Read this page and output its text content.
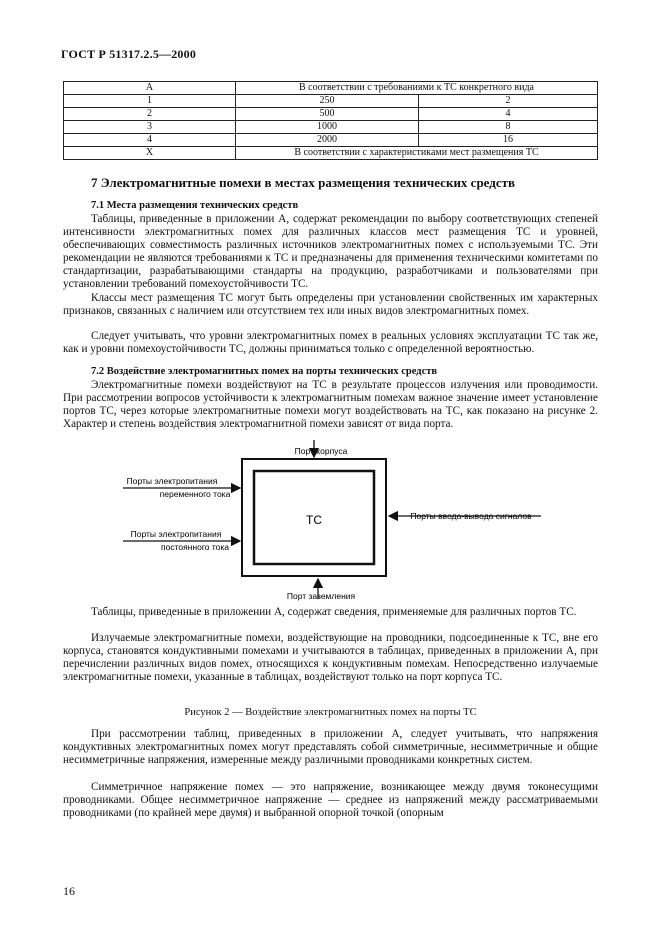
ГОСТ Р 51317.2.5—2000
А	В соответствии с требованиями к ТС конкретного вида	
1	250	2
2	500	4
3	1000	8
4	2000	16
Х	В соответствии с характеристиками мест размещения ТС	
7 Электромагнитные помехи в местах размещения технических средств
7.1 Места размещения технических средств

Таблицы, приведенные в приложении А, содержат рекомендации по выбору соответствующих степеней интенсивности электромагнитных помех для различных классов мест размещения ТС и уровней, обеспечивающих совместимость различных источников электромагнитных помех с используемыми ТС. Эти рекомендации не являются требованиями к ТС и предназначены для применения техническими комитетами по стандартизации, разрабатывающими стандарты на продукцию, разработчиками и пользователями при установлении требований помехоустойчивости ТС.

Классы мест размещения ТС могут быть определены при установлении свойственных им характерных признаков, связанных с наличием или отсутствием тех или иных видов электромагнитных помех.

Следует учитывать, что уровни электромагнитных помех в реальных условиях эксплуатации ТС так же, как и уровни помехоустойчивости ТС, должны приниматься только с определенной вероятностью.

7.2 Воздействие электромагнитных помех на порты технических средств

Электромагнитные помехи воздействуют на ТС в результате процессов излучения или проводимости. При рассмотрении вопросов устойчивости к электромагнитным помехам важное значение имеет установление портов ТС, через которые электромагнитные помехи могут воздействовать на ТС, как показано на рисунке 2. Характер и степень воздействия электромагнитной помехи зависят от вида порта.

ТС
Порт корпуса
Порт заземления
Порты электропитания
переменного тока
Порты электропитания
постоянного тока
Порты ввода-вывода сигналов

Таблицы, приведенные в приложении А, содержат сведения, применяемые для различных портов ТС.

Излучаемые электромагнитные помехи, воздействующие на проводники, подсоединенные к ТС, вне его корпуса, становятся кондуктивными помехами и учитываются в таблицах, приведенных в приложении А, при перечислении различных видов помех, относящихся к кондуктивным помехам. Непосредственно излучаемые электромагнитные помехи, указанные в таблицах, воздействуют только на порт корпуса ТС.

Рисунок 2 — Воздействие электромагнитных помех на порты ТС

При рассмотрении таблиц, приведенных в приложении А, следует учитывать, что напряжения кондуктивных электромагнитных помех могут представлять собой симметричные, несимметричные и общие несимметричные напряжения, измеренные между различными проводниками конкретных систем.

Симметричное напряжение помех — это напряжение, возникающее между двумя токонесущими проводниками. Общее несимметричное напряжение — среднее из напряжений между рассматриваемыми проводниками (по крайней мере двумя) и выбранной опорной точкой (опорным

16
